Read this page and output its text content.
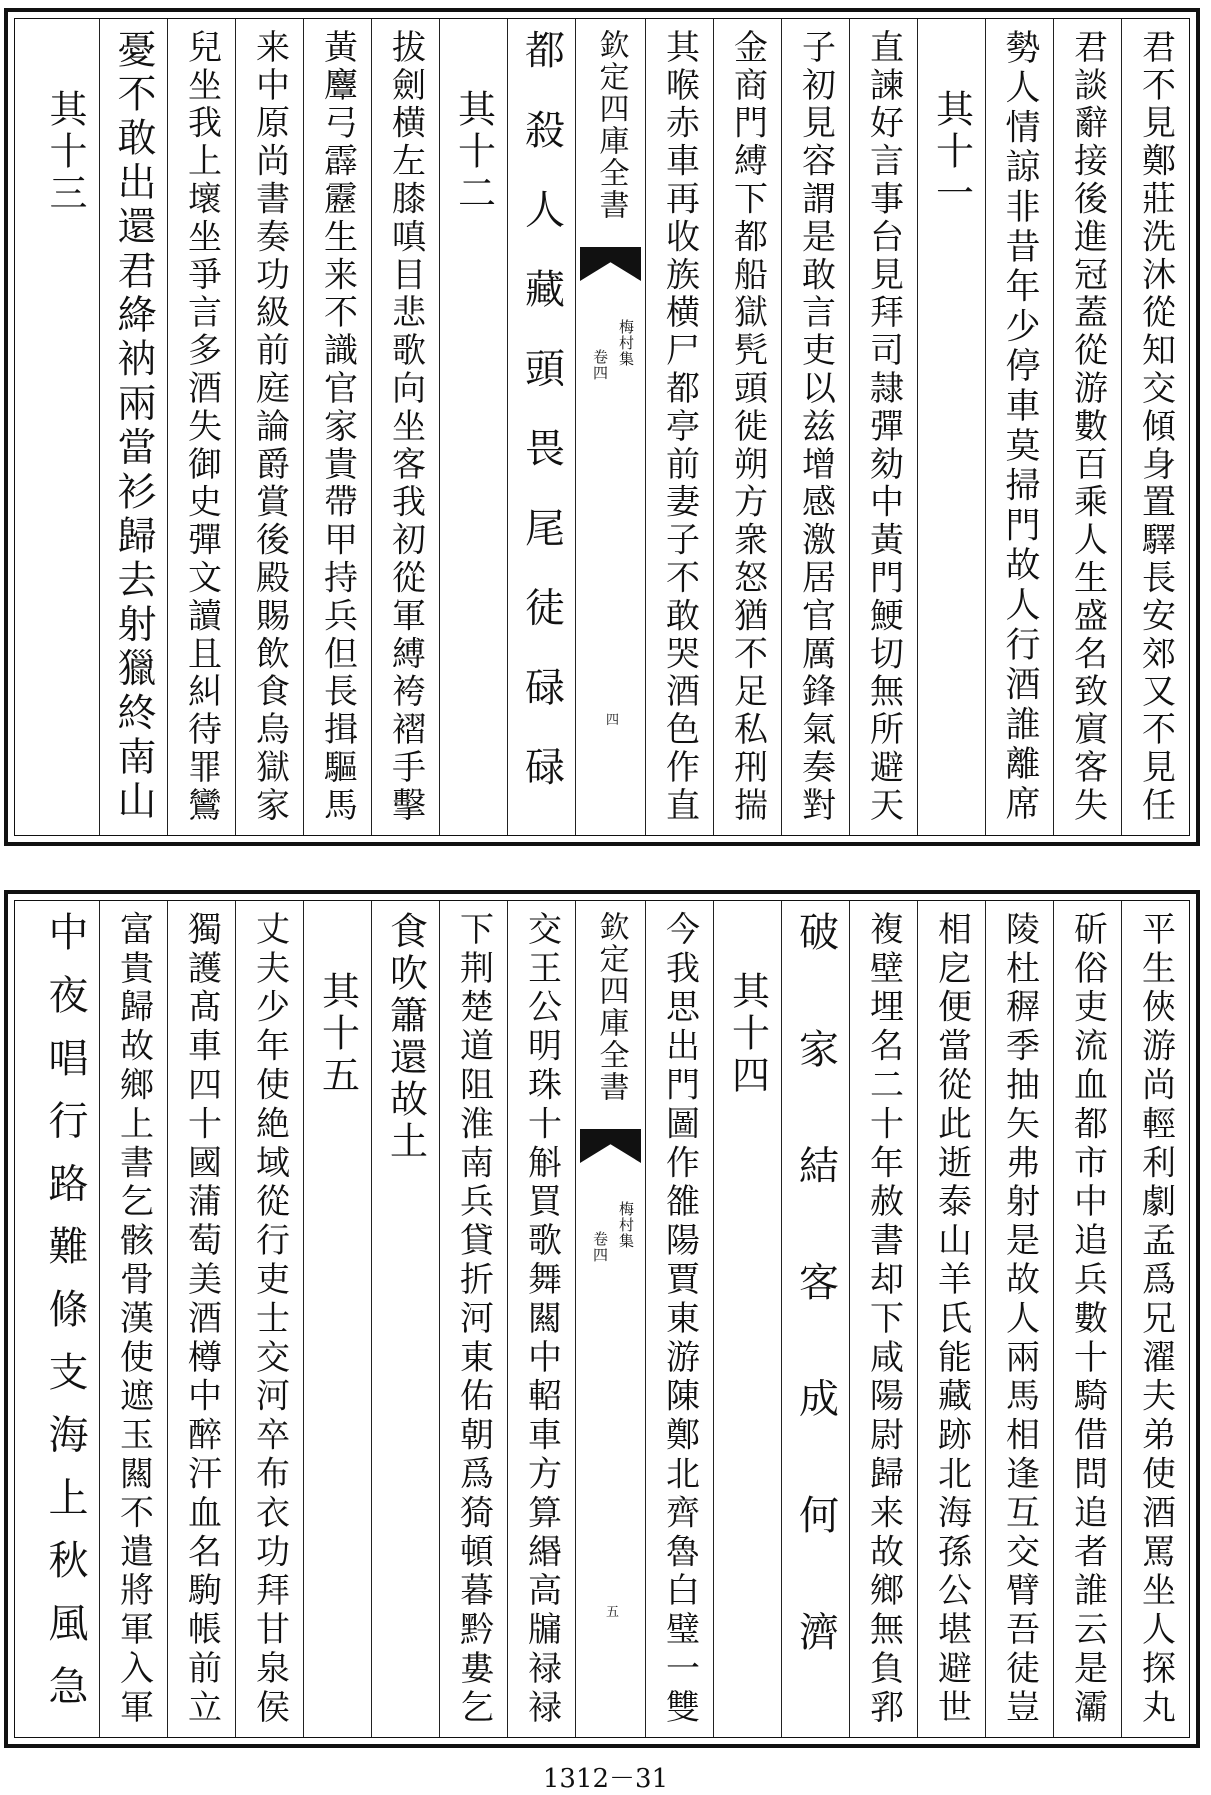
君不見鄭莊洗沐從知交傾身置驛長安郊又不見任
君談辭接後進冠蓋從游數百乘人生盛名致賔客失
勢人情諒非昔年少停車莫掃門故人行酒誰離席
其十一
直諫好言事台見拜司隷彈劾中黃門鯁切無所避天
子初見容謂是敢言吏以兹增感激居官厲鋒氣奏對
金商門縛下都船獄髠頭徙朔方衆怒猶不足私𠛬揣
其喉赤車再收族横尸都亭前妻子不敢哭酒色作直
欽定四庫全書
梅村集
卷四
四
都殺人藏頭畏尾徒碌碌
其十二
拔劍横左膝嗔目悲歌向坐客我初從軍縛袴褶手擊
黃麞弓霹靂生来不識官家貴帶甲持兵但長揖驅馬
来中原尚書奏功級前庭論爵賞後殿賜飲食烏獄家
兒坐我上壞坐爭言多酒失御史彈文讀且糾待罪鸞
憂不敢出還君絳衲兩當衫歸去射獵終南山
其十三
平生俠游尚輕利劇孟爲兄濯夫弟使酒罵坐人探丸
斫俗吏流血都市中追兵數十騎借問追者誰云是灞
陵杜稺季抽矢弗射是故人兩馬相逢互交臂吾徒豈
相戹便當從此逝泰山羊氏能藏跡北海孫公堪避世
複壁埋名二十年赦書却下咸陽尉歸来故鄉無負郛
破家結客成何濟
其十四
今我思出門圖作雒陽賈東游陳鄭北齊魯白璧一雙
欽定四庫全書
梅村集
卷四
五
交王公明珠十斛買歌舞闗中軺車方算緡高牖䘵䘵
下荆楚道阻淮南兵貸折河東佑朝爲猗頓暮黔婁乞
食吹簫還故土
其十五
丈夫少年使絶域從行吏士交河卒布衣功拜甘泉侯
獨護髙車四十國蒲萄美酒樽中醉汗血名駒帳前立
富貴歸故鄉上書乞骸骨漢使遮玉闗不遣將軍入軍
中夜唱行路難條支海上秋風急
1312－31
